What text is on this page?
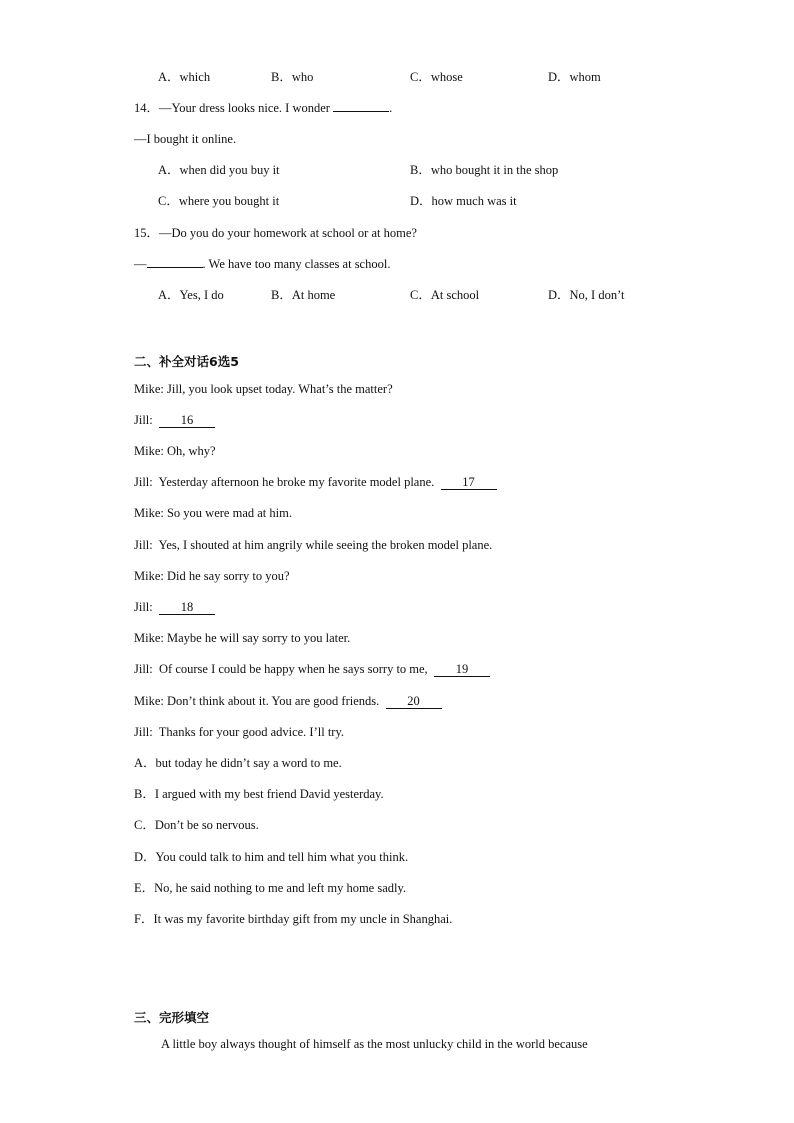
A．which	B．who	C．whose	D．whom
14．—Your dress looks nice. I wonder	.
—I bought it online.
A．when did you buy it	B．who bought it in the shop
C．where you bought it	D．how much was it
15．—Do you do your homework at school or at home?
—	. We have too many classes at school.
A．Yes, I do	B．At home	C．At school	D．No, I don’t
二、补全对话6选5
Mike: Jill, you look upset today. What’s the matter?
Jill:  16
Mike: Oh, why?
Jill:  Yesterday afternoon he broke my favorite model plane.  17
Mike: So you were mad at him.
Jill:  Yes, I shouted at him angrily while seeing the broken model plane.
Mike: Did he say sorry to you?
Jill:  18
Mike: Maybe he will say sorry to you later.
Jill:  Of course I could be happy when he says sorry to me,  19
Mike: Don’t think about it. You are good friends.  20
Jill:  Thanks for your good advice. I’ll try.
A．but today he didn’t say a word to me.
B．I argued with my best friend David yesterday.
C．Don’t be so nervous.
D．You could talk to him and tell him what you think.
E．No, he said nothing to me and left my home sadly.
F．It was my favorite birthday gift from my uncle in Shanghai.
三、完形填空
A little boy always thought of himself as the most unlucky child in the world because
